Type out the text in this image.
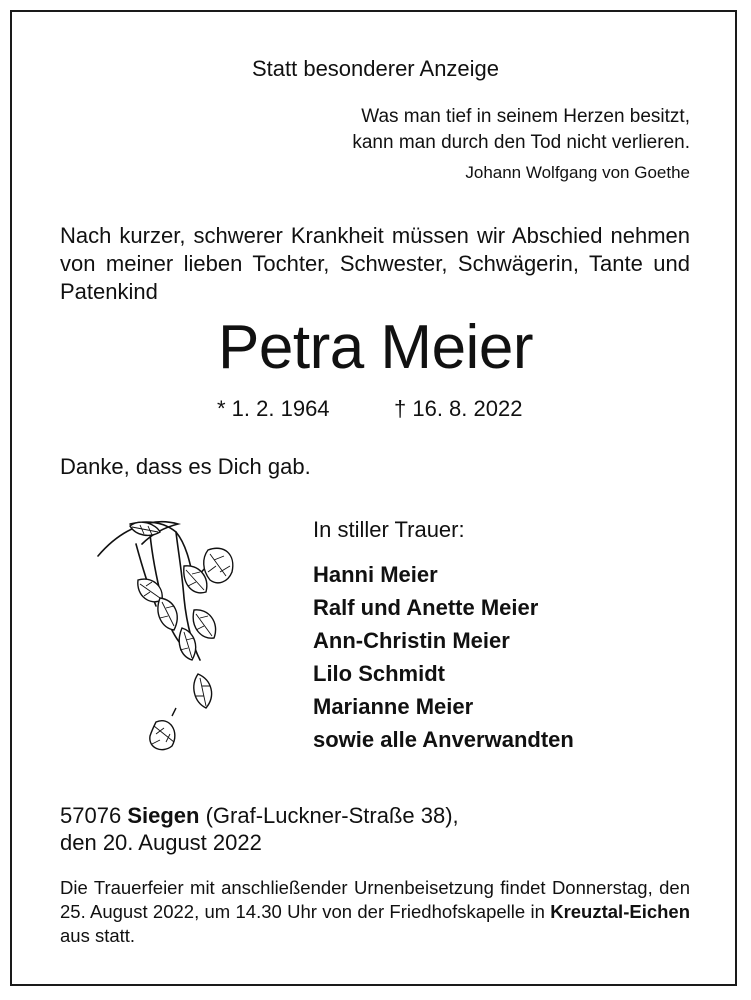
Statt besonderer Anzeige
Was man tief in seinem Herzen besitzt,
kann man durch den Tod nicht verlieren.
Johann Wolfgang von Goethe
Nach kurzer, schwerer Krankheit müssen wir Abschied nehmen von meiner lieben Tochter, Schwester, Schwägerin, Tante und Patenkind
Petra Meier
* 1. 2. 1964	† 16. 8. 2022
Danke, dass es Dich gab.
In stiller Trauer:
Hanni Meier
Ralf und Anette Meier
Ann-Christin Meier
Lilo Schmidt
Marianne Meier
sowie alle Anverwandten
57076 Siegen (Graf-Luckner-Straße 38),
den 20. August 2022
Die Trauerfeier mit anschließender Urnenbeisetzung findet Donnerstag, den 25. August 2022, um 14.30 Uhr von der Friedhofskapelle in Kreuztal-Eichen aus statt.
